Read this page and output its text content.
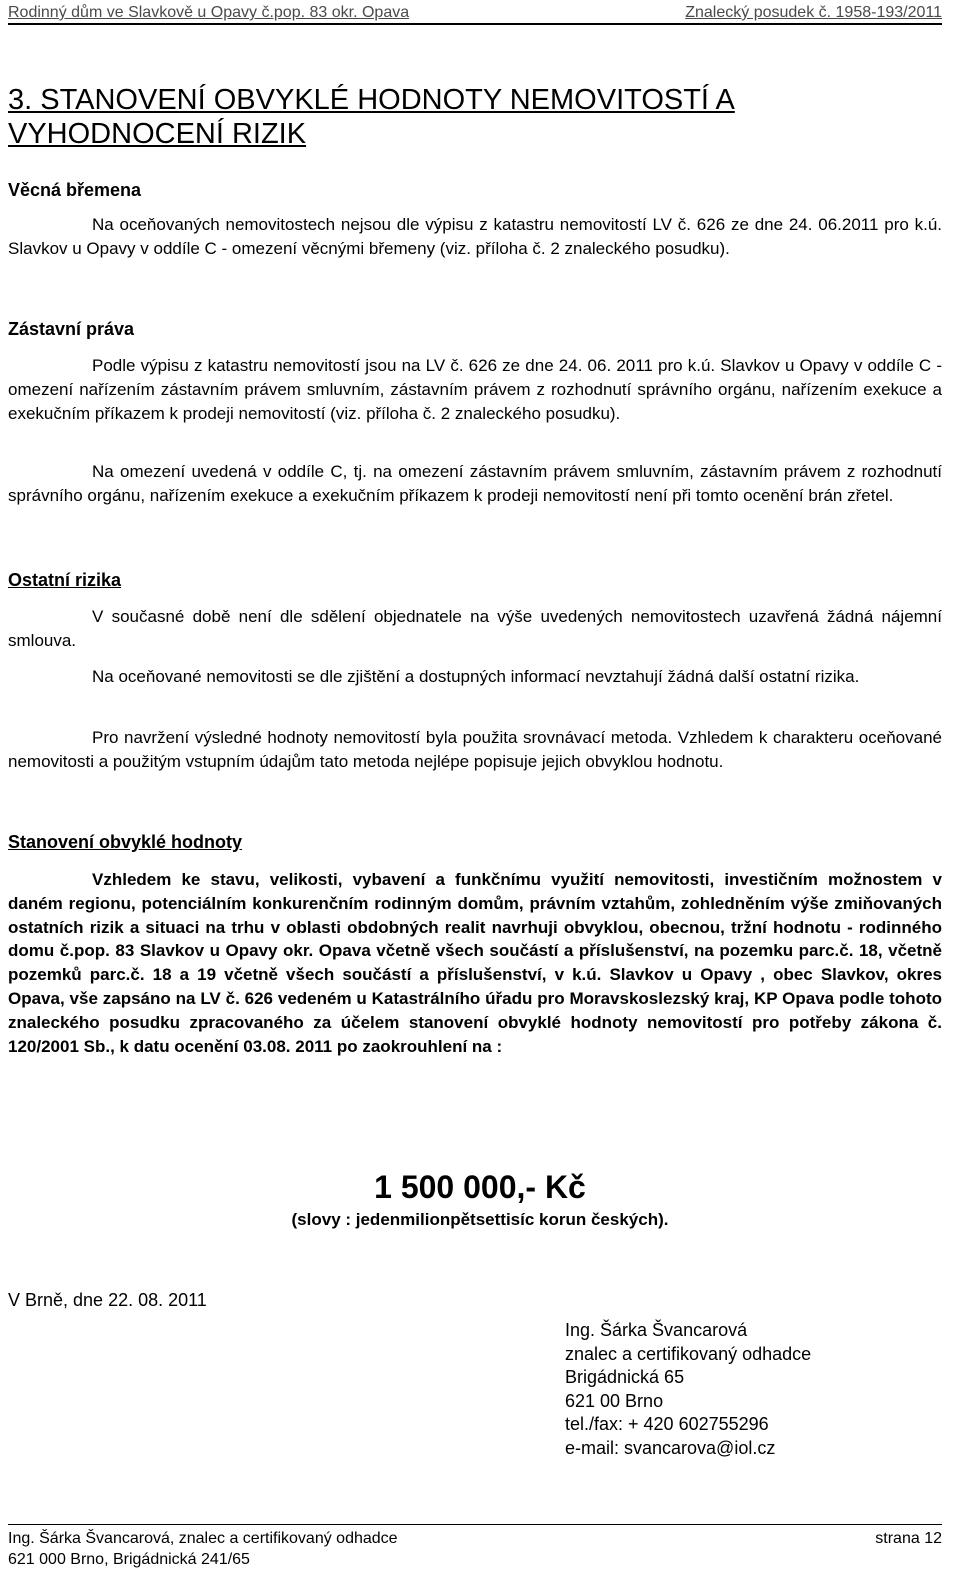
Rodinný dům ve Slavkově u Opavy č.pop. 83 okr. Opava	Znalecký posudek č. 1958-193/2011
3. STANOVENÍ OBVYKLÉ HODNOTY NEMOVITOSTÍ A VYHODNOCENÍ RIZIK
Věcná břemena

Na oceňovaných nemovitostech nejsou dle výpisu z katastru nemovitostí LV č. 626 ze dne 24. 06.2011 pro k.ú. Slavkov u Opavy v oddíle C - omezení věcnými břemeny (viz. příloha č. 2 znaleckého posudku).

Zástavní práva

Podle výpisu z katastru nemovitostí jsou na LV č. 626 ze dne 24. 06. 2011 pro k.ú. Slavkov u Opavy v oddíle C - omezení nařízením zástavním právem smluvním, zástavním právem z rozhodnutí správního orgánu, nařízením exekuce a exekučním příkazem k prodeji nemovitostí (viz. příloha č. 2 znaleckého posudku).

Na omezení uvedená v oddíle C, tj. na omezení zástavním právem smluvním, zástavním právem z rozhodnutí správního orgánu, nařízením exekuce a exekučním příkazem k prodeji nemovitostí není při tomto ocenění brán zřetel.

Ostatní rizika

V současné době není dle sdělení objednatele na výše uvedených nemovitostech uzavřená žádná nájemní smlouva.

Na oceňované nemovitosti se dle zjištění a dostupných informací nevztahují žádná další ostatní rizika.

Pro navržení výsledné hodnoty nemovitostí byla použita srovnávací metoda. Vzhledem k charakteru oceňované nemovitosti a použitým vstupním údajům tato metoda nejlépe popisuje jejich obvyklou hodnotu.

Stanovení obvyklé hodnoty

Vzhledem ke stavu, velikosti, vybavení a funkčnímu využití nemovitosti, investičním možnostem v daném regionu, potenciálním konkurenčním rodinným domům, právním vztahům, zohledněním výše zmiňovaných ostatních rizik a situaci na trhu v oblasti obdobných realit navrhuji obvyklou, obecnou, tržní hodnotu - rodinného domu č.pop. 83 Slavkov u Opavy okr. Opava včetně všech součástí a příslušenství, na pozemku parc.č. 18, včetně pozemků parc.č. 18 a 19 včetně všech součástí a příslušenství, v k.ú. Slavkov u Opavy , obec Slavkov, okres Opava, vše zapsáno na LV č. 626 vedeném u Katastrálního úřadu pro Moravskoslezský kraj, KP Opava podle tohoto znaleckého posudku zpracovaného za účelem stanovení obvyklé hodnoty nemovitostí pro potřeby zákona č. 120/2001 Sb., k datu ocenění 03.08. 2011 po zaokrouhlení na :

1 500 000,- Kč
(slovy : jedenmilionpětsettisíc korun českých).
V Brně, dne 22. 08. 2011
Ing. Šárka Švancarová
znalec a certifikovaný odhadce
Brigádnická 65
621 00 Brno
tel./fax: + 420 602755296
e-mail: svancarova@iol.cz
Ing. Šárka Švancarová, znalec a certifikovaný odhadce
621 000 Brno, Brigádnická 241/65
strana 12
